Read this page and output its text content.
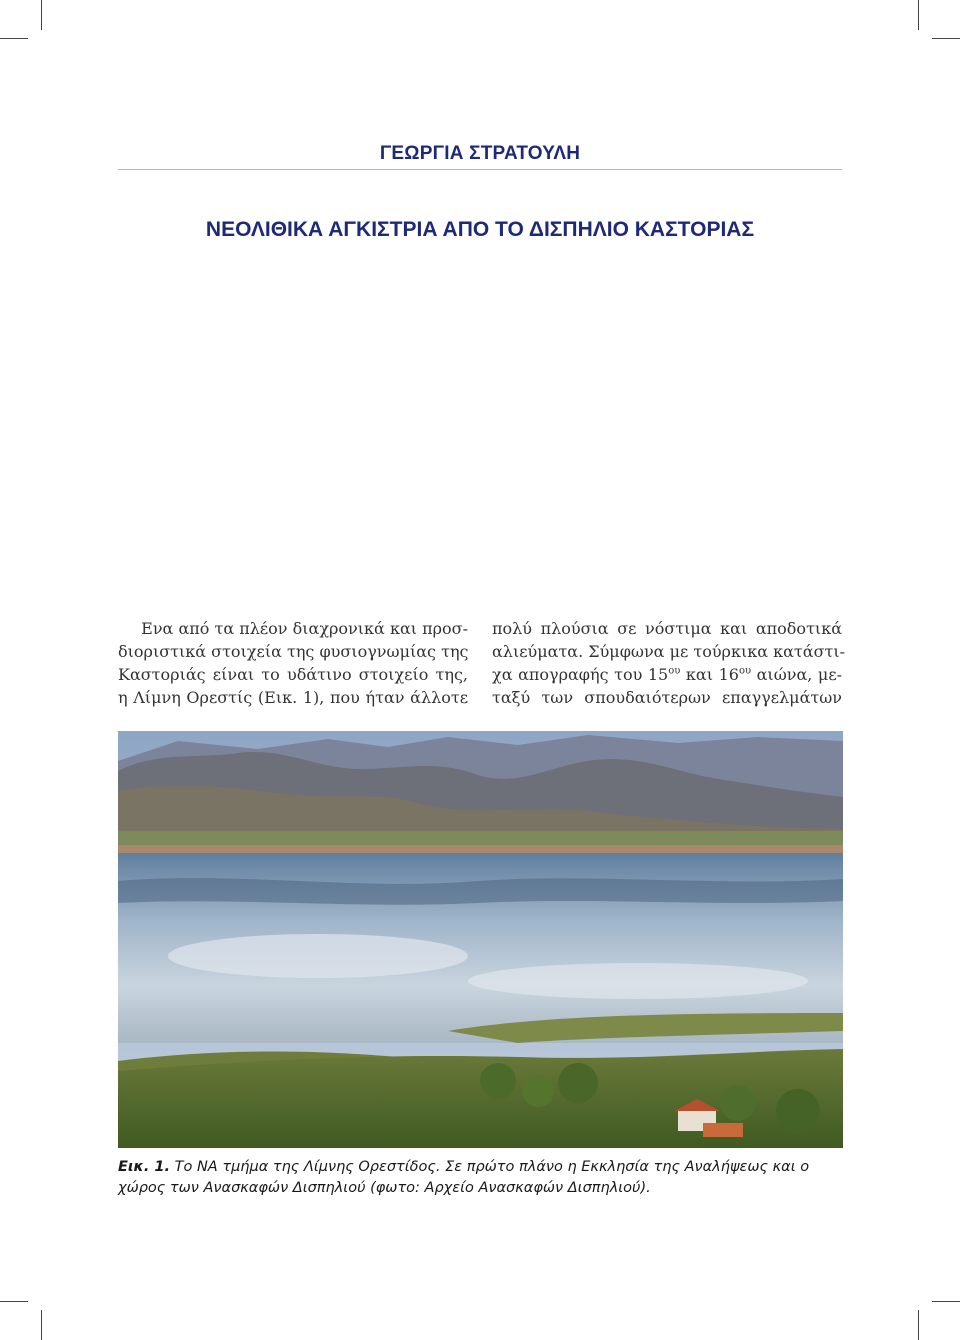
ΓΕΩΡΓΙΑ ΣΤΡΑΤΟΥΛΗ
ΝΕΟΛΙΘΙΚΑ ΑΓΚΙΣΤΡΙΑ ΑΠΟ ΤΟ ΔΙΣΠΗΛΙΟ ΚΑΣΤΟΡΙΑΣ
Ενα από τα πλέον διαχρονικά και προσ-
διοριστικά στοιχεία της φυσιογνωμίας της
Καστοριάς είναι το υδάτινο στοιχείο της,
η Λίμνη Ορεστίς (Εικ. 1), που ήταν άλλοτε
πολύ πλούσια σε νόστιμα και αποδοτικά
αλιεύματα. Σύμφωνα με τούρκικα κατάστι-
χα απογραφής του $15^{o\upsilon}$ και $16^{o\upsilon}$ αιώνα, με-
ταξύ των σπουδαιότερων επαγγελμάτων
Εικ. 1. Το ΝΑ τμήμα της Λίμνης Ορεστίδος. Σε πρώτο πλάνο η Εκκλησία της Αναλήψεως και ο χώρος των Ανασκαφών Δισπηλιού (φωτο: Αρχείο Ανασκαφών Δισπηλιού).
